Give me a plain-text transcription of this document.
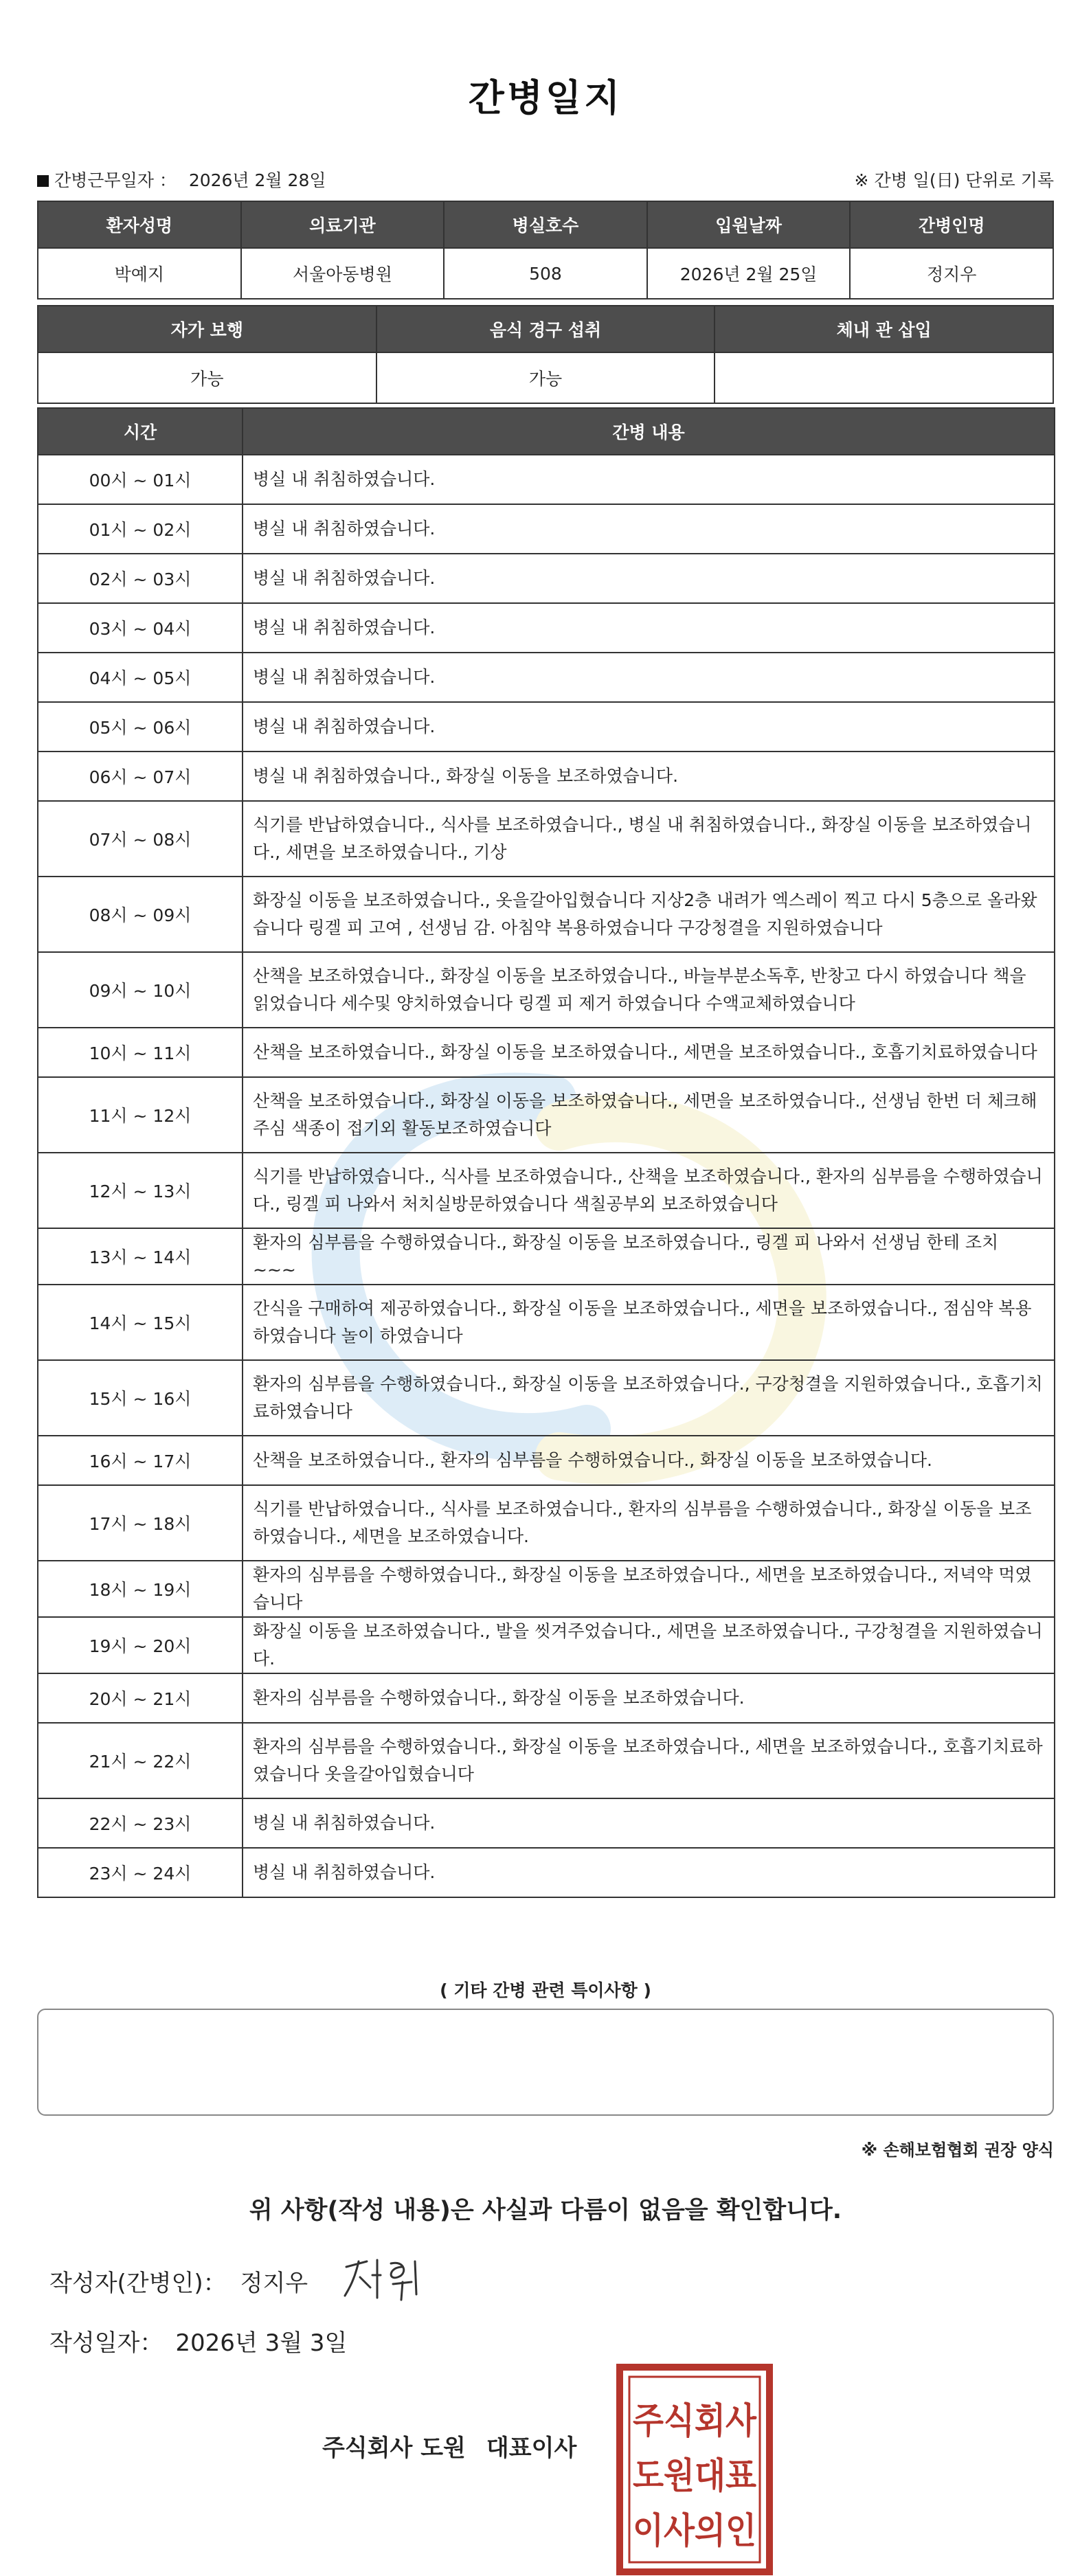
간병일지
간병근무일자 ： 2026년 2월 28일	※ 간병 일(日) 단위로 기록
환자성명	의료기관	병실호수	입원날짜	간병인명
박예지	서울아동병원	508	2026년 2월 25일	정지우
자가 보행	음식 경구 섭취	체내 관 삽입
가능	가능	
시간	간병 내용
00시 ~ 01시	병실 내 취침하였습니다.
01시 ~ 02시	병실 내 취침하였습니다.
02시 ~ 03시	병실 내 취침하였습니다.
03시 ~ 04시	병실 내 취침하였습니다.
04시 ~ 05시	병실 내 취침하였습니다.
05시 ~ 06시	병실 내 취침하였습니다.
06시 ~ 07시	병실 내 취침하였습니다., 화장실 이동을 보조하였습니다.
07시 ~ 08시	식기를 반납하였습니다., 식사를 보조하였습니다., 병실 내 취침하였습니다., 화장실 이동을 보조하였습니다., 세면을 보조하였습니다., 기상
08시 ~ 09시	화장실 이동을 보조하였습니다., 옷을갈아입혔습니다 지상2층 내려가 엑스레이 찍고 다시 5층으로 올라왔습니다 링겔 피 고여 , 선생님 감. 아침약 복용하였습니다 구강청결을 지원하였습니다
09시 ~ 10시	산책을 보조하였습니다., 화장실 이동을 보조하였습니다., 바늘부분소독후, 반창고 다시 하였습니다 책을 읽었습니다 세수및 양치하였습니다 링겔 피 제거 하였습니다 수액교체하였습니다
10시 ~ 11시	산책을 보조하였습니다., 화장실 이동을 보조하였습니다., 세면을 보조하였습니다., 호흡기치료하였습니다
11시 ~ 12시	산책을 보조하였습니다., 화장실 이동을 보조하였습니다., 세면을 보조하였습니다., 선생님 한번 더 체크해주심 색종이 접기외 활동보조하였습니다
12시 ~ 13시	식기를 반납하였습니다., 식사를 보조하였습니다., 산책을 보조하였습니다., 환자의 심부름을 수행하였습니다., 링겔 피 나와서 처치실방문하였습니다 색칠공부외 보조하였습니다
13시 ~ 14시	환자의 심부름을 수행하였습니다., 화장실 이동을 보조하였습니다., 링겔 피 나와서 선생님 한테 조치 ~~~
14시 ~ 15시	간식을 구매하여 제공하였습니다., 화장실 이동을 보조하였습니다., 세면을 보조하였습니다., 점심약 복용하였습니다 놀이 하였습니다
15시 ~ 16시	환자의 심부름을 수행하였습니다., 화장실 이동을 보조하였습니다., 구강청결을 지원하였습니다., 호흡기치료하였습니다
16시 ~ 17시	산책을 보조하였습니다., 환자의 심부름을 수행하였습니다., 화장실 이동을 보조하였습니다.
17시 ~ 18시	식기를 반납하였습니다., 식사를 보조하였습니다., 환자의 심부름을 수행하였습니다., 화장실 이동을 보조하였습니다., 세면을 보조하였습니다.
18시 ~ 19시	환자의 심부름을 수행하였습니다., 화장실 이동을 보조하였습니다., 세면을 보조하였습니다., 저녁약 먹였습니다
19시 ~ 20시	화장실 이동을 보조하였습니다., 발을 씻겨주었습니다., 세면을 보조하였습니다., 구강청결을 지원하였습니다.
20시 ~ 21시	환자의 심부름을 수행하였습니다., 화장실 이동을 보조하였습니다.
21시 ~ 22시	환자의 심부름을 수행하였습니다., 화장실 이동을 보조하였습니다., 세면을 보조하였습니다., 호흡기치료하였습니다 옷을갈아입혔습니다
22시 ~ 23시	병실 내 취침하였습니다.
23시 ~ 24시	병실 내 취침하였습니다.
( 기타 간병 관련 특이사항 )
※ 손해보험협회 권장 양식
위 사항(작성 내용)은 사실과 다름이 없음을 확인합니다.
작성자(간병인)： 정지우
작성일자： 2026년 3월 3일
주식회사 도원 대표이사
주식회사
도원대표
이사의인
